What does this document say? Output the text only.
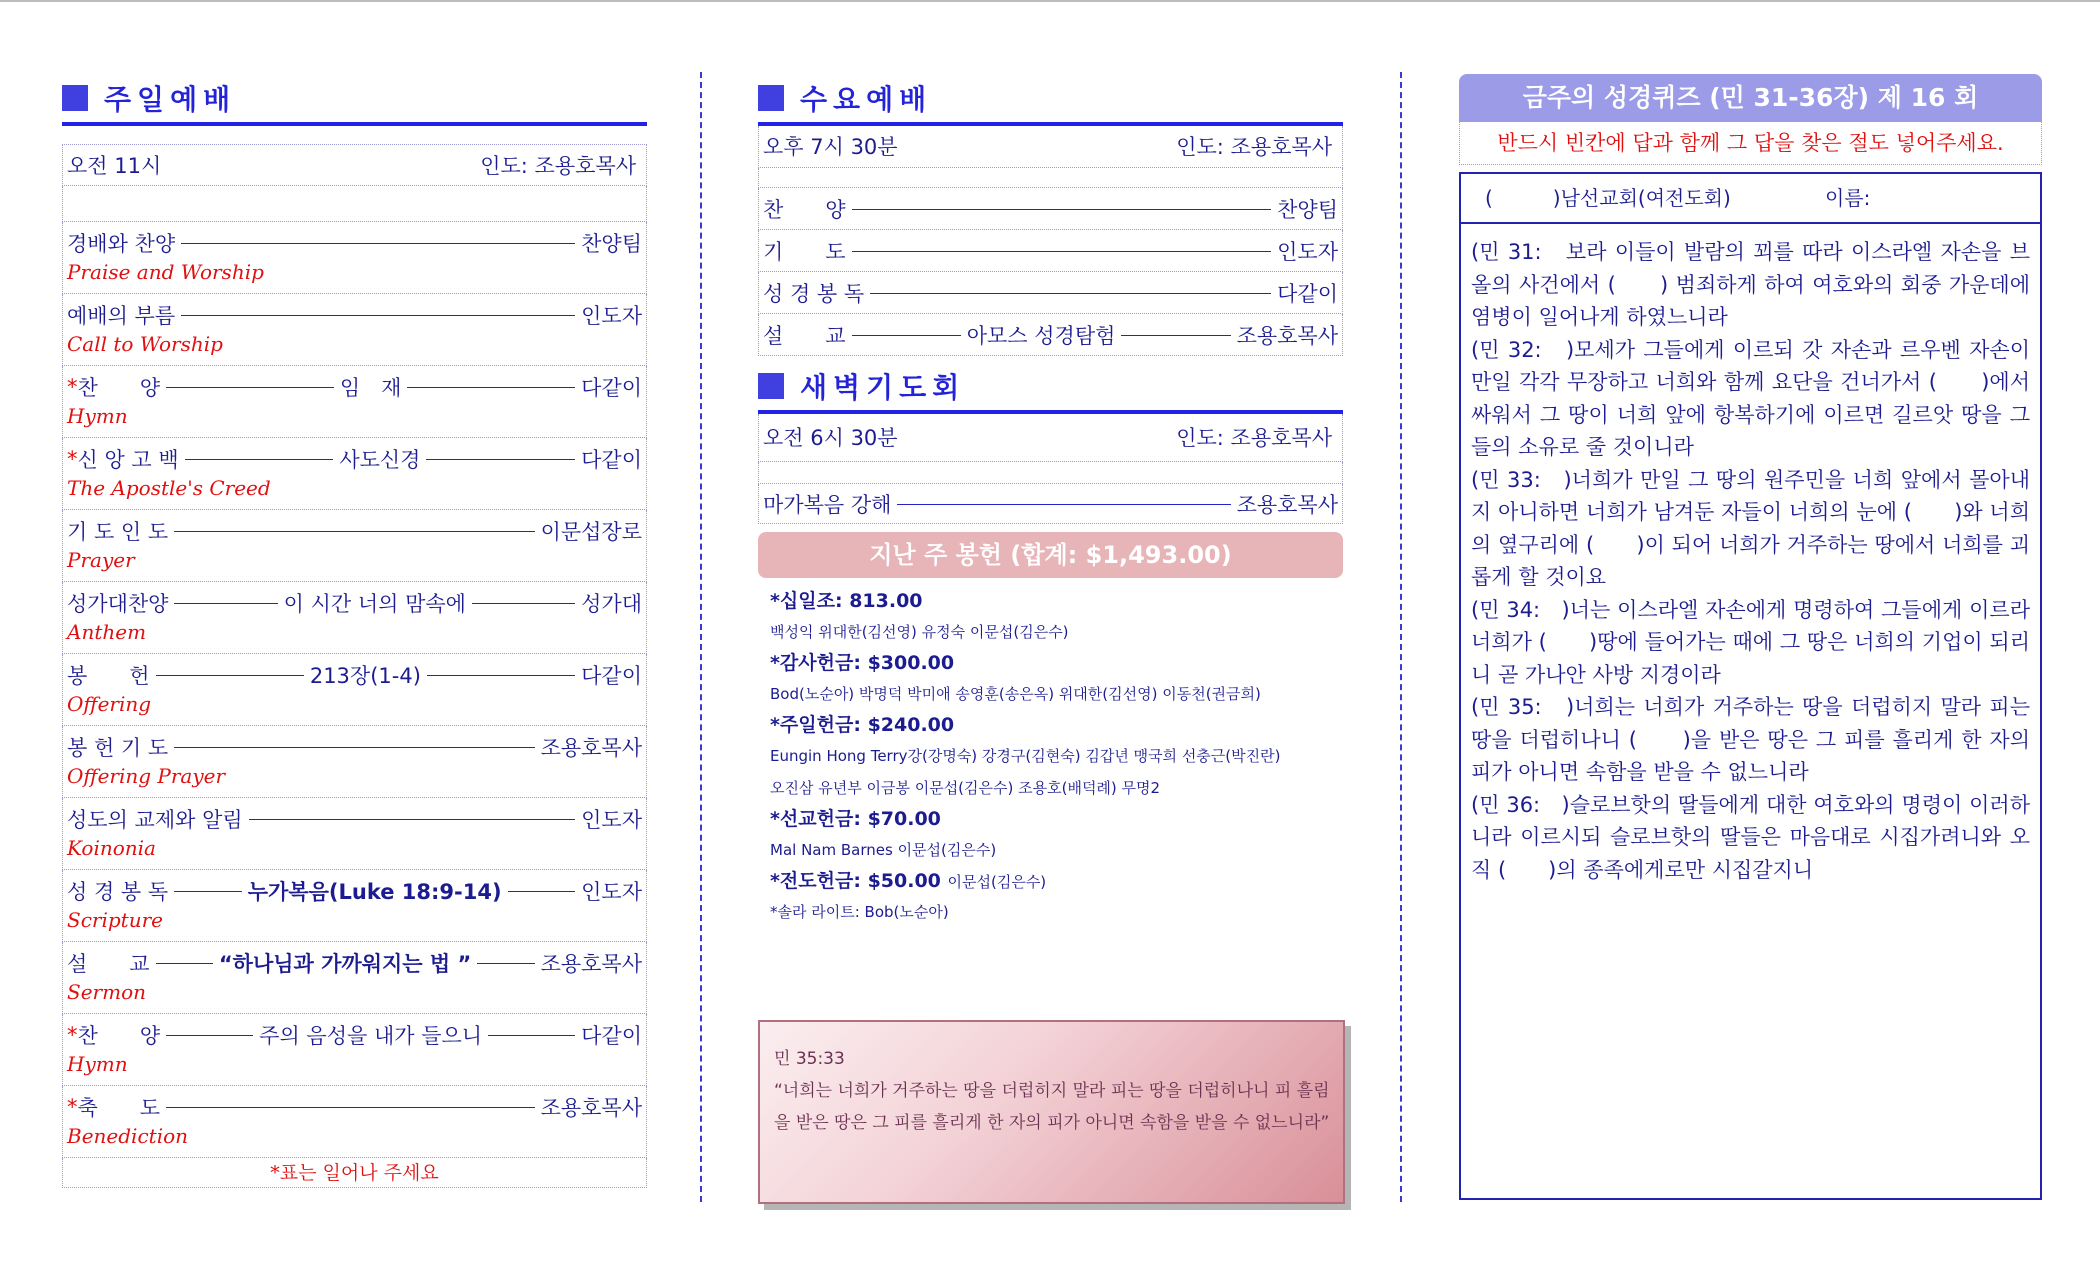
주일예배
오전 11시	인도: 조용호목사
경배와 찬양	찬양팀
Praise and Worship
예배의 부름	인도자
Call to Worship
* 찬　　양	임　재	다같이
Hymn
* 신 앙 고 백	사도신경	다같이
The Apostle's Creed
기 도 인 도	이문섭장로
Prayer
성가대찬양	이 시간 너의 맘속에	성가대
Anthem
봉　　헌	213장(1-4)	다같이
Offering
봉 헌 기 도	조용호목사
Offering Prayer
성도의 교제와 알림	인도자
Koinonia
성 경 봉 독	누가복음(Luke 18:9-14)	인도자
Scripture
설　　교	“하나님과 가까워지는 법 ”	조용호목사
Sermon
* 찬　　양	주의 음성을 내가 들으니	다같이
Hymn
* 축　　도	조용호목사
Benediction
*표는 일어나 주세요
수요예배
오후 7시 30분	인도: 조용호목사
찬　　양	찬양팀
기　　도	인도자
성 경 봉 독	다같이
설　　교	아모스 성경탐험	조용호목사
새벽기도회
오전 6시 30분	인도: 조용호목사
마가복음 강해	조용호목사
지난 주 봉헌 (합계: $1,493.00)
*십일조: 813.00
백성익 위대한(김선영) 유정숙 이문섭(김은수)
*감사헌금: $300.00
Bod(노순아) 박명덕 박미애 송영훈(송은옥) 위대한(김선영) 이동천(권금희)
*주일헌금: $240.00
Eungin Hong Terry강(강명숙) 강경구(김현숙) 김갑년 맹국희 선충근(박진란)
오진삼 유년부 이금봉 이문섭(김은수) 조용호(배덕례) 무명2
*선교헌금: $70.00
Mal Nam Barnes 이문섭(김은수)
*전도헌금: $50.00 이문섭(김은수)
*솔라 라이트: Bob(노순아)
민 35:33
“너희는 너희가 거주하는 땅을 더럽히지 말라 피는 땅을 더럽히나니 피 흘림을 받은 땅은 그 피를 흘리게 한 자의 피가 아니면 속함을 받을 수 없느니라”
금주의 성경퀴즈 (민 31-36장) 제 16 회
반드시 빈칸에 답과 함께 그 답을 찾은 절도 넣어주세요.
(　　　)남선교회(여전도회)	이름:
(민 31:　보라 이들이 발람의 꾀를 따라 이스라엘 자손을 브올의 사건에서 (　　) 범죄하게 하여 여호와의 회중 가운데에 염병이 일어나게 하였느니라
(민 32:　)모세가 그들에게 이르되 갓 자손과 르우벤 자손이 만일 각각 무장하고 너희와 함께 요단을 건너가서 (　　)에서 싸워서 그 땅이 너희 앞에 항복하기에 이르면 길르앗 땅을 그들의 소유로 줄 것이니라
(민 33:　)너희가 만일 그 땅의 원주민을 너희 앞에서 몰아내지 아니하면 너희가 남겨둔 자들이 너희의 눈에 (　　)와 너희의 옆구리에 (　　)이 되어 너희가 거주하는 땅에서 너희를 괴롭게 할 것이요
(민 34:　)너는 이스라엘 자손에게 명령하여 그들에게 이르라 너희가 (　　)땅에 들어가는 때에 그 땅은 너희의 기업이 되리니 곧 가나안 사방 지경이라
(민 35:　)너희는 너희가 거주하는 땅을 더럽히지 말라 피는 땅을 더럽히나니 (　　)을 받은 땅은 그 피를 흘리게 한 자의 피가 아니면 속함을 받을 수 없느니라
(민 36:　)슬로브핫의 딸들에게 대한 여호와의 명령이 이러하니라 이르시되 슬로브핫의 딸들은 마음대로 시집가려니와 오직 (　　)의 종족에게로만 시집갈지니
